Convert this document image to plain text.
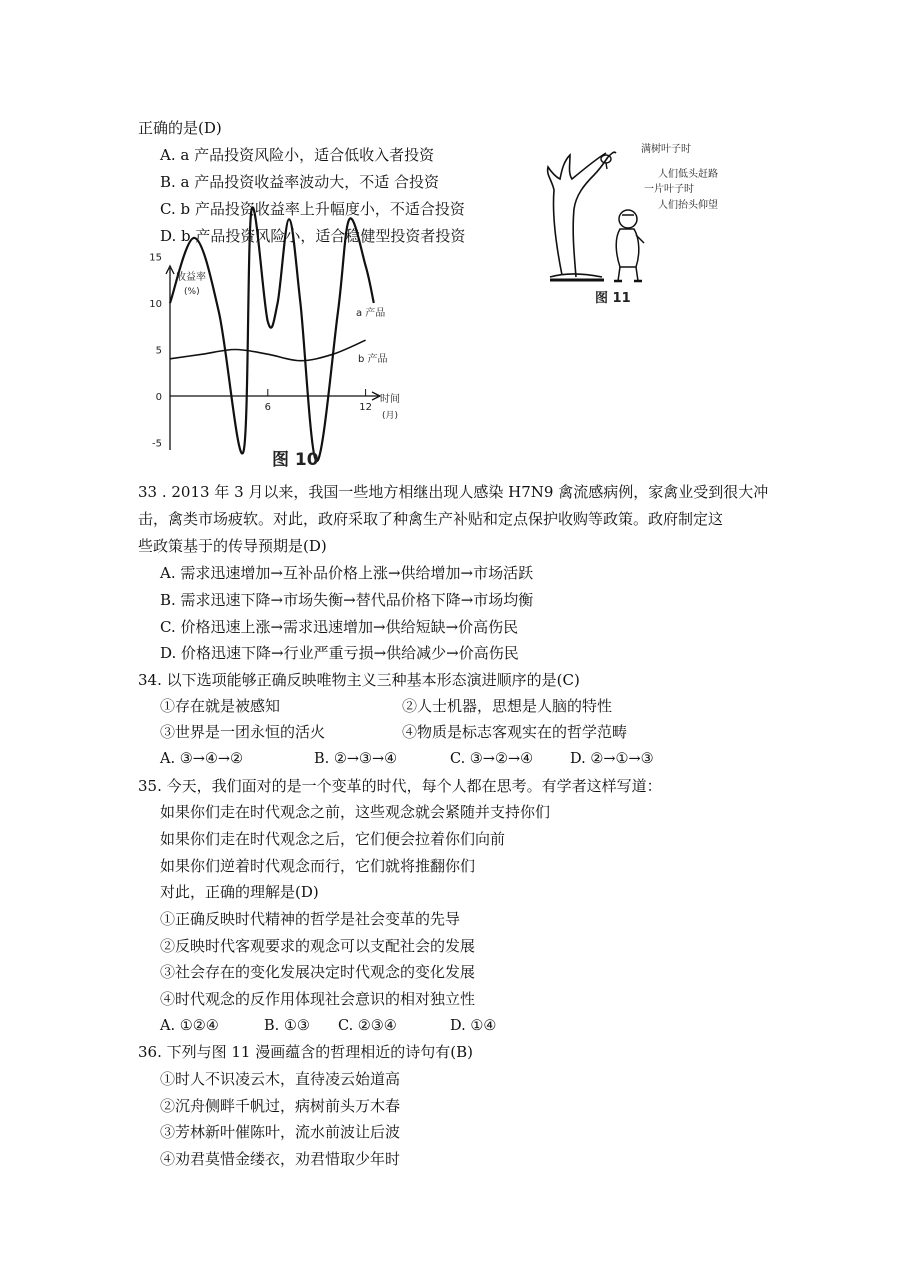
正确的是(D)
A. a 产品投资风险小，适合低收入者投资
B. a 产品投资收益率波动大，不适 合投资
C. b 产品投资收益率上升幅度小，不适合投资
D. b 产品投资风险小，适合稳健型投资者投资
满树叶子时
人们低头赶路
一片叶子时
人们抬头仰望
图 11
15
10
5
0
-5
6	12
收益率
(%)
时间
(月)
a 产品
b 产品
图 10
33 . 2013 年 3 月以来，我国一些地方相继出现人感染 H7N9 禽流感病例，家禽业受到很大冲
击，禽类市场疲软。对此，政府采取了种禽生产补贴和定点保护收购等政策。政府制定这
些政策基于的传导预期是(D)
A. 需求迅速增加→互补品价格上涨→供给增加→市场活跃
B. 需求迅速下降→市场失衡→替代品价格下降→市场均衡
C. 价格迅速上涨→需求迅速增加→供给短缺→价高伤民
D. 价格迅速下降→行业严重亏损→供给减少→价高伤民
34. 以下选项能够正确反映唯物主义三种基本形态演进顺序的是(C)
①存在就是被感知	②人士机器，思想是人脑的特性
③世界是一团永恒的活火	④物质是标志客观实在的哲学范畴
A. ③→④→②	B. ②→③→④	C. ③→②→④	D. ②→①→③
35. 今天，我们面对的是一个变革的时代，每个人都在思考。有学者这样写道：
如果你们走在时代观念之前，这些观念就会紧随并支持你们
如果你们走在时代观念之后，它们便会拉着你们向前
如果你们逆着时代观念而行，它们就将推翻你们
对此，正确的理解是(D)
①正确反映时代精神的哲学是社会变革的先导
②反映时代客观要求的观念可以支配社会的发展
③社会存在的变化发展决定时代观念的变化发展
④时代观念的反作用体现社会意识的相对独立性
A. ①②④	B. ①③ C. ②③④	D. ①④
36. 下列与图 11 漫画蕴含的哲理相近的诗句有(B)
①时人不识凌云木，直待凌云始道高
②沉舟侧畔千帆过，病树前头万木春
③芳林新叶催陈叶，流水前波让后波
④劝君莫惜金缕衣，劝君惜取少年时
